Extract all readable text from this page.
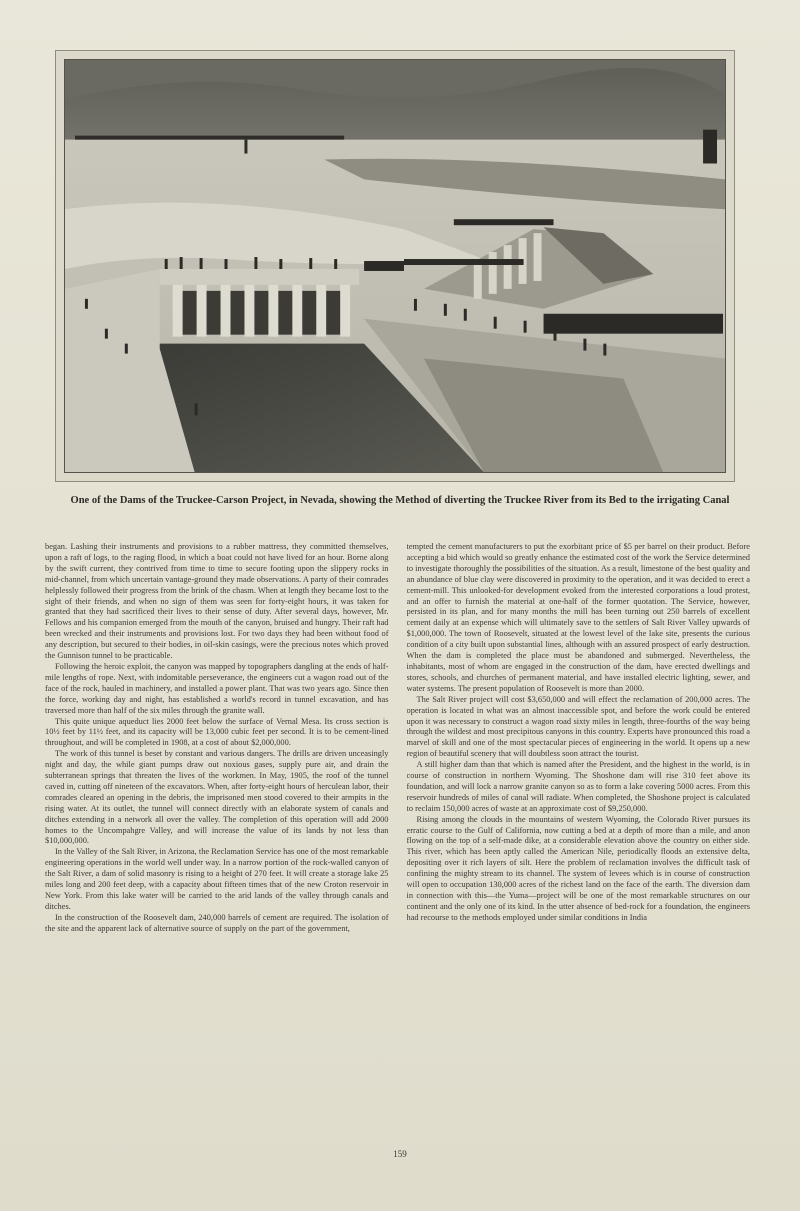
One of the Dams of the Truckee-Carson Project, in Nevada, showing the Method of diverting the Truckee River from its Bed to the irrigating Canal

began. Lashing their instruments and provisions to a rubber mattress, they committed themselves, upon a raft of logs, to the raging flood, in which a boat could not have lived for an hour. Borne along by the swift current, they contrived from time to time to secure footing upon the slippery rocks in mid-channel, from which uncertain vantage-ground they made observations. A party of their comrades helplessly followed their progress from the brink of the chasm. When at length they became lost to the sight of their friends, and when no sign of them was seen for forty-eight hours, it was taken for granted that they had sacrificed their lives to their sense of duty. After several days, however, Mr. Fellows and his companion emerged from the mouth of the canyon, bruised and hungry. Their raft had been wrecked and their instruments and provisions lost. For two days they had been without food of any description, but secured to their bodies, in oil-skin casings, were the precious notes which proved the Gunnison tunnel to be practicable.

Following the heroic exploit, the canyon was mapped by topographers dangling at the ends of half-mile lengths of rope. Next, with indomitable perseverance, the engineers cut a wagon road out of the face of the rock, hauled in machinery, and installed a power plant. That was two years ago. Since then the force, working day and night, has established a world's record in tunnel excavation, and has traversed more than half of the six miles through the granite wall.

This quite unique aqueduct lies 2000 feet below the surface of Vernal Mesa. Its cross section is 10½ feet by 11½ feet, and its capacity will be 13,000 cubic feet per second. It is to be cement-lined throughout, and will be completed in 1908, at a cost of about $2,000,000.

The work of this tunnel is beset by constant and various dangers. The drills are driven unceasingly night and day, the while giant pumps draw out noxious gases, supply pure air, and drain the subterranean springs that threaten the lives of the workmen. In May, 1905, the roof of the tunnel caved in, cutting off nineteen of the excavators. When, after forty-eight hours of herculean labor, their comrades cleared an opening in the debris, the imprisoned men stood covered to their armpits in the rising water. At its outlet, the tunnel will connect directly with an elaborate system of canals and ditches extending in a network all over the valley. The completion of this operation will add 2000 homes to the Uncompahgre Valley, and will increase the value of its lands by not less than $10,000,000.

In the Valley of the Salt River, in Arizona, the Reclamation Service has one of the most remarkable engineering operations in the world well under way. In a narrow portion of the rock-walled canyon of the Salt River, a dam of solid masonry is rising to a height of 270 feet. It will create a storage lake 25 miles long and 200 feet deep, with a capacity about fifteen times that of the new Croton reservoir in New York. From this lake water will be carried to the arid lands of the valley through canals and ditches.

In the construction of the Roosevelt dam, 240,000 barrels of cement are required. The isolation of the site and the apparent lack of alternative source of supply on the part of the government,

tempted the cement manufacturers to put the exorbitant price of $5 per barrel on their product. Before accepting a bid which would so greatly enhance the estimated cost of the work the Service determined to investigate thoroughly the possibilities of the situation. As a result, limestone of the best quality and an abundance of blue clay were discovered in proximity to the operation, and it was decided to erect a cement-mill. This unlooked-for development evoked from the interested corporations a loud protest, and an offer to furnish the material at one-half of the former quotation. The Service, however, persisted in its plan, and for many months the mill has been turning out 250 barrels of excellent cement daily at an expense which will ultimately save to the settlers of Salt River Valley upwards of $1,000,000. The town of Roosevelt, situated at the lowest level of the lake site, presents the curious condition of a city built upon substantial lines, although with an assured prospect of early destruction. When the dam is completed the place must be abandoned and submerged. Nevertheless, the inhabitants, most of whom are engaged in the construction of the dam, have erected dwellings and stores, schools, and churches of permanent material, and have installed electric lighting, sewer, and water systems. The present population of Roosevelt is more than 2000.

The Salt River project will cost $3,650,000 and will effect the reclamation of 200,000 acres. The operation is located in what was an almost inaccessible spot, and before the work could be entered upon it was necessary to construct a wagon road sixty miles in length, three-fourths of the way being through the wildest and most precipitous canyons in this country. Experts have pronounced this road a marvel of skill and one of the most spectacular pieces of engineering in the world. It opens up a new region of beautiful scenery that will doubtless soon attract the tourist.

A still higher dam than that which is named after the President, and the highest in the world, is in course of construction in northern Wyoming. The Shoshone dam will rise 310 feet above its foundation, and will lock a narrow granite canyon so as to form a lake covering 5000 acres. From this reservoir hundreds of miles of canal will radiate. When completed, the Shoshone project is calculated to reclaim 150,000 acres of waste at an approximate cost of $9,250,000.

Rising among the clouds in the mountains of western Wyoming, the Colorado River pursues its erratic course to the Gulf of California, now cutting a bed at a depth of more than a mile, and anon flowing on the top of a self-made dike, at a considerable elevation above the country on either side. This river, which has been aptly called the American Nile, periodically floods an extensive delta, depositing over it rich layers of silt. Here the problem of reclamation involves the difficult task of confining the mighty stream to its channel. The system of levees which is in course of construction will open to occupation 130,000 acres of the richest land on the face of the earth. The diversion dam in connection with this—the Yuma—project will be one of the most remarkable structures on our continent and the only one of its kind. In the utter absence of bed-rock for a foundation, the engineers had recourse to the methods employed under similar conditions in India

159
